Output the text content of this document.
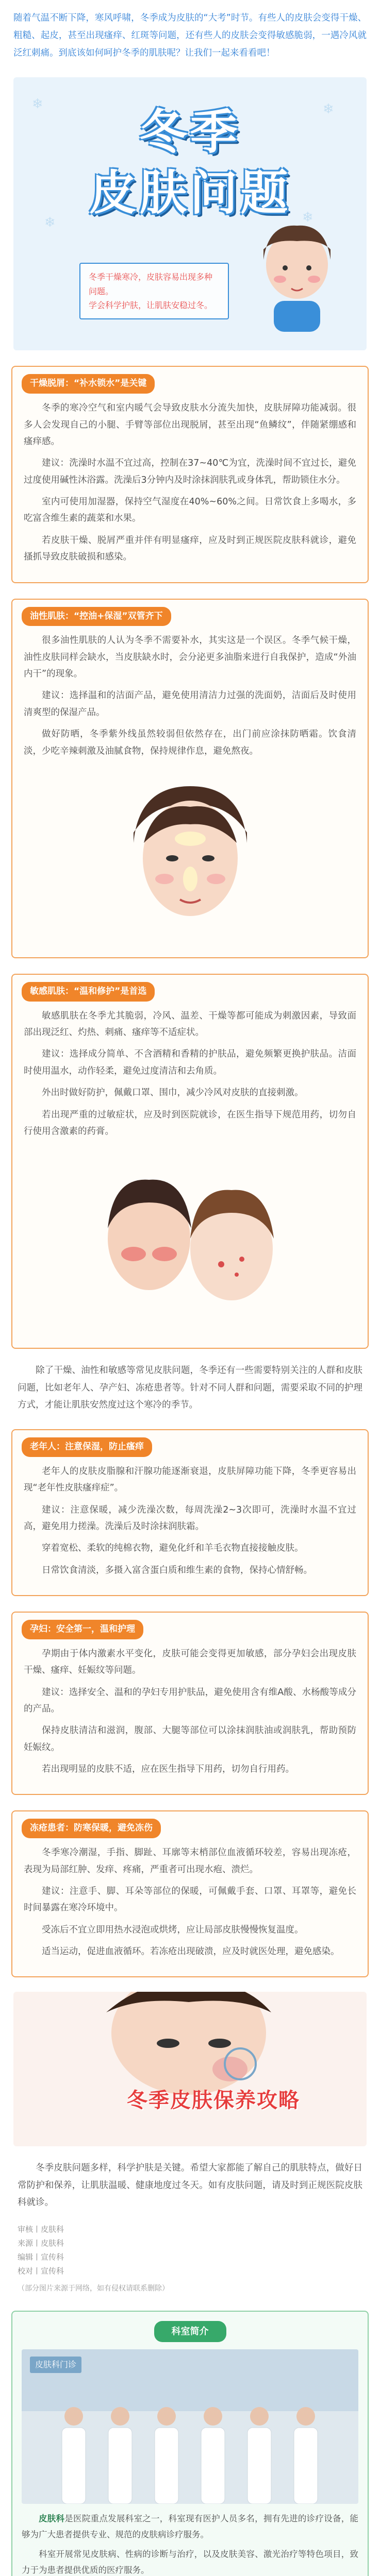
随着气温不断下降，寒风呼啸，冬季成为皮肤的“大考”时节。有些人的皮肤会变得干燥、粗糙、起皮，甚至出现瘙痒、红斑等问题，还有些人的皮肤会变得敏感脆弱，一遇冷风就泛红刺痛。到底该如何呵护冬季的肌肤呢？让我们一起来看看吧！

❄	❄
❄
❄
冬季
皮肤问题

冬季干燥寒冷，皮肤容易出现多种问题。

学会科学护肤，让肌肤安稳过冬。

干燥脱屑：“补水锁水”是关键

冬季的寒冷空气和室内暖气会导致皮肤水分流失加快，皮肤屏障功能减弱。很多人会发现自己的小腿、手臂等部位出现脱屑，甚至出现“鱼鳞纹”，伴随紧绷感和瘙痒感。

建议：洗澡时水温不宜过高，控制在37~40℃为宜，洗澡时间不宜过长，避免过度使用碱性沐浴露。洗澡后3分钟内及时涂抹润肤乳或身体乳，帮助锁住水分。

室内可使用加湿器，保持空气湿度在40%~60%之间。日常饮食上多喝水，多吃富含维生素的蔬菜和水果。

若皮肤干燥、脱屑严重并伴有明显瘙痒，应及时到正规医院皮肤科就诊，避免搔抓导致皮肤破损和感染。

油性肌肤：“控油+保湿”双管齐下

很多油性肌肤的人认为冬季不需要补水，其实这是一个误区。冬季气候干燥，油性皮肤同样会缺水，当皮肤缺水时，会分泌更多油脂来进行自我保护，造成“外油内干”的现象。

建议：选择温和的洁面产品，避免使用清洁力过强的洗面奶，洁面后及时使用清爽型的保湿产品。

做好防晒，冬季紫外线虽然较弱但依然存在，出门前应涂抹防晒霜。饮食清淡，少吃辛辣刺激及油腻食物，保持规律作息，避免熬夜。

敏感肌肤：“温和修护”是首选

敏感肌肤在冬季尤其脆弱，冷风、温差、干燥等都可能成为刺激因素，导致面部出现泛红、灼热、刺痛、瘙痒等不适症状。

建议：选择成分简单、不含酒精和香精的护肤品，避免频繁更换护肤品。洁面时使用温水，动作轻柔，避免过度清洁和去角质。

外出时做好防护，佩戴口罩、围巾，减少冷风对皮肤的直接刺激。

若出现严重的过敏症状，应及时到医院就诊，在医生指导下规范用药，切勿自行使用含激素的药膏。

除了干燥、油性和敏感等常见皮肤问题，冬季还有一些需要特别关注的人群和皮肤问题，比如老年人、孕产妇、冻疮患者等。针对不同人群和问题，需要采取不同的护理方式，才能让肌肤安然度过这个寒冷的季节。

老年人：注意保湿，防止瘙痒

老年人的皮肤皮脂腺和汗腺功能逐渐衰退，皮肤屏障功能下降，冬季更容易出现“老年性皮肤瘙痒症”。

建议：注意保暖，减少洗澡次数，每周洗澡2~3次即可，洗澡时水温不宜过高，避免用力搓澡。洗澡后及时涂抹润肤霜。

穿着宽松、柔软的纯棉衣物，避免化纤和羊毛衣物直接接触皮肤。

日常饮食清淡，多摄入富含蛋白质和维生素的食物，保持心情舒畅。

孕妇：安全第一，温和护理

孕期由于体内激素水平变化，皮肤可能会变得更加敏感，部分孕妇会出现皮肤干燥、瘙痒、妊娠纹等问题。

建议：选择安全、温和的孕妇专用护肤品，避免使用含有维A酸、水杨酸等成分的产品。

保持皮肤清洁和滋润，腹部、大腿等部位可以涂抹润肤油或润肤乳，帮助预防妊娠纹。

若出现明显的皮肤不适，应在医生指导下用药，切勿自行用药。

冻疮患者：防寒保暖，避免冻伤

冬季寒冷潮湿，手指、脚趾、耳廓等末梢部位血液循环较差，容易出现冻疮，表现为局部红肿、发痒、疼痛，严重者可出现水疱、溃烂。

建议：注意手、脚、耳朵等部位的保暖，可佩戴手套、口罩、耳罩等，避免长时间暴露在寒冷环境中。

受冻后不宜立即用热水浸泡或烘烤，应让局部皮肤慢慢恢复温度。

适当运动，促进血液循环。若冻疮出现破溃，应及时就医处理，避免感染。

冬季皮肤保养攻略

冬季皮肤问题多样，科学护肤是关键。希望大家都能了解自己的肌肤特点，做好日常防护和保养，让肌肤温暖、健康地度过冬天。如有皮肤问题，请及时到正规医院皮肤科就诊。

审核丨皮肤科

来源丨皮肤科

编辑丨宣传科

校对丨宣传科

（部分图片来源于网络，如有侵权请联系删除）

科室简介
皮肤科门诊

皮肤科是医院重点发展科室之一，科室现有医护人员多名，拥有先进的诊疗设备，能够为广大患者提供专业、规范的皮肤病诊疗服务。

科室开展常见皮肤病、性病的诊断与治疗，以及皮肤美容、激光治疗等特色项目，致力于为患者提供优质的医疗服务。
